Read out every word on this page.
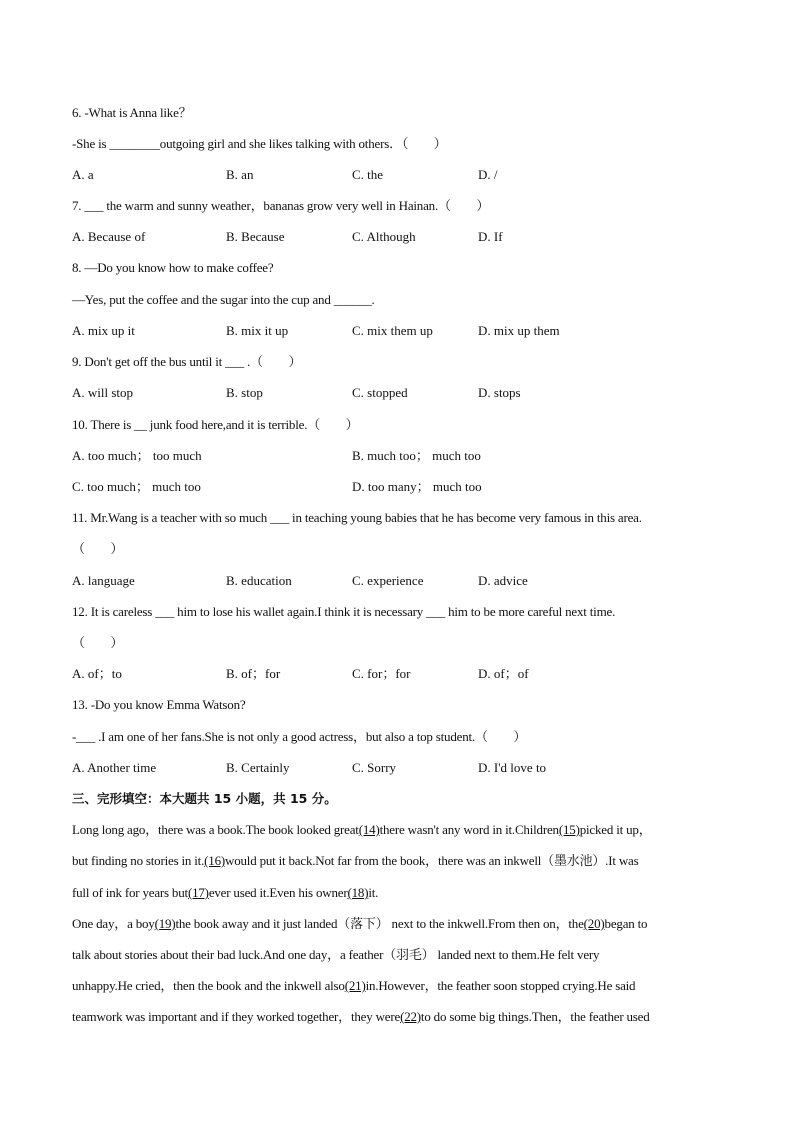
6. -What is Anna like？

-She is ________outgoing girl and she likes talking with others．（　　）

A. a	B. an	C. the	D. /

7. ___ the warm and sunny weather，bananas grow very well in Hainan.（　　）

A. Because of	B. Because	C. Although	D. If

8. —Do you know how to make coffee?

—Yes, put the coffee and the sugar into the cup and ______.

A. mix up it	B. mix it up	C. mix them up	D. mix up them

9. Don't get off the bus until it ___ .（　　）

A. will stop	B. stop	C. stopped	D. stops

10. There is __ junk food here,and it is terrible.（　　）

A. too much； too much	B. much too； much too

C. too much； much too	D. too many； much too

11. Mr.Wang is a teacher with so much ___ in teaching young babies that he has become very famous in this area.

（　　）

A. language	B. education	C. experience	D. advice

12. It is careless ___ him to lose his wallet again.I think it is necessary ___ him to be more careful next time.

（　　）

A. of；to	B. of；for	C. for；for	D. of；of

13. -Do you know Emma Watson?

-___ .I am one of her fans.She is not only a good actress，but also a top student.（　　）

A. Another time	B. Certainly	C. Sorry	D. I'd love to

三、完形填空：本大题共 15 小题，共 15 分。

Long long ago，there was a book.The book looked great(14)there wasn't any word in it.Children(15)picked it up，

but finding no stories in it.(16)would put it back.Not far from the book，there was an inkwell（墨水池）.It was

full of ink for years but(17)ever used it.Even his owner(18)it.

One day，a boy(19)the book away and it just landed（落下） next to the inkwell.From then on，the(20)began to

talk about stories about their bad luck.And one day，a feather（羽毛） landed next to them.He felt very

unhappy.He cried，then the book and the inkwell also(21)in.However，the feather soon stopped crying.He said

teamwork was important and if they worked together，they were(22)to do some big things.Then，the feather used
